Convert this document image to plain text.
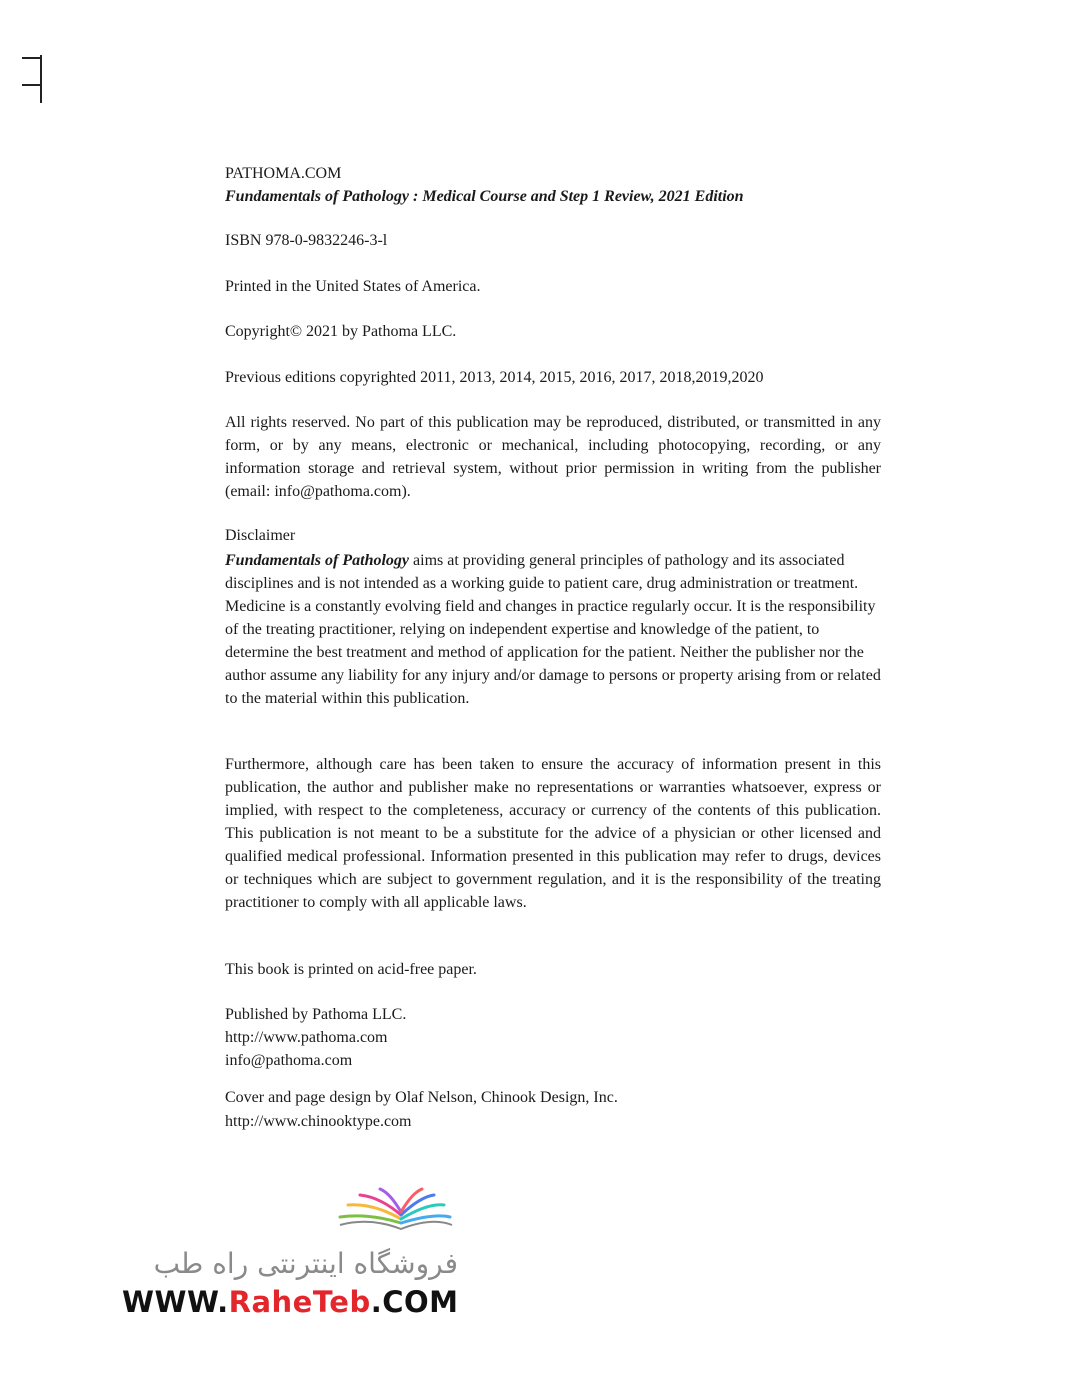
PATHOMA.COM
Fundamentals of Pathology : Medical Course and Step 1 Review, 2021 Edition
ISBN 978-0-9832246-3-l
Printed in the United States of America.
Copyright© 2021 by Pathoma LLC.
Previous editions copyrighted 2011, 2013, 2014, 2015, 2016, 2017, 2018,2019,2020
All rights reserved. No part of this publication may be reproduced, distributed, or transmitted in any form, or by any means, electronic or mechanical, including photocopying, recording, or any information storage and retrieval system, without prior permission in writing from the publisher (email: info@pathoma.com).
Disclaimer
Fundamentals of Pathology aims at providing general principles of pathology and its associated disciplines and is not intended as a working guide to patient care, drug administration or treatment. Medicine is a constantly evolving field and changes in practice regularly occur. It is the responsibility of the treating practitioner, relying on independent expertise and knowledge of the patient, to determine the best treatment and method of application for the patient. Neither the publisher nor the author assume any liability for any injury and/or damage to persons or property arising from or related to the material within this publication.
Furthermore, although care has been taken to ensure the accuracy of information present in this publication, the author and publisher make no representations or warranties whatsoever, express or implied, with respect to the completeness, accuracy or currency of the contents of this publication. This publication is not meant to be a substitute for the advice of a physician or other licensed and qualified medical professional. Information presented in this publication may refer to drugs, devices or techniques which are subject to government regulation, and it is the responsibility of the treating practitioner to comply with all applicable laws.
This book is printed on acid-free paper.
Published by Pathoma LLC.
http://www.pathoma.com
info@pathoma.com
Cover and page design by Olaf Nelson, Chinook Design, Inc.
http://www.chinooktype.com
فروشگاه اینترنتی راه طب
WWW.RaheTeb.COM
